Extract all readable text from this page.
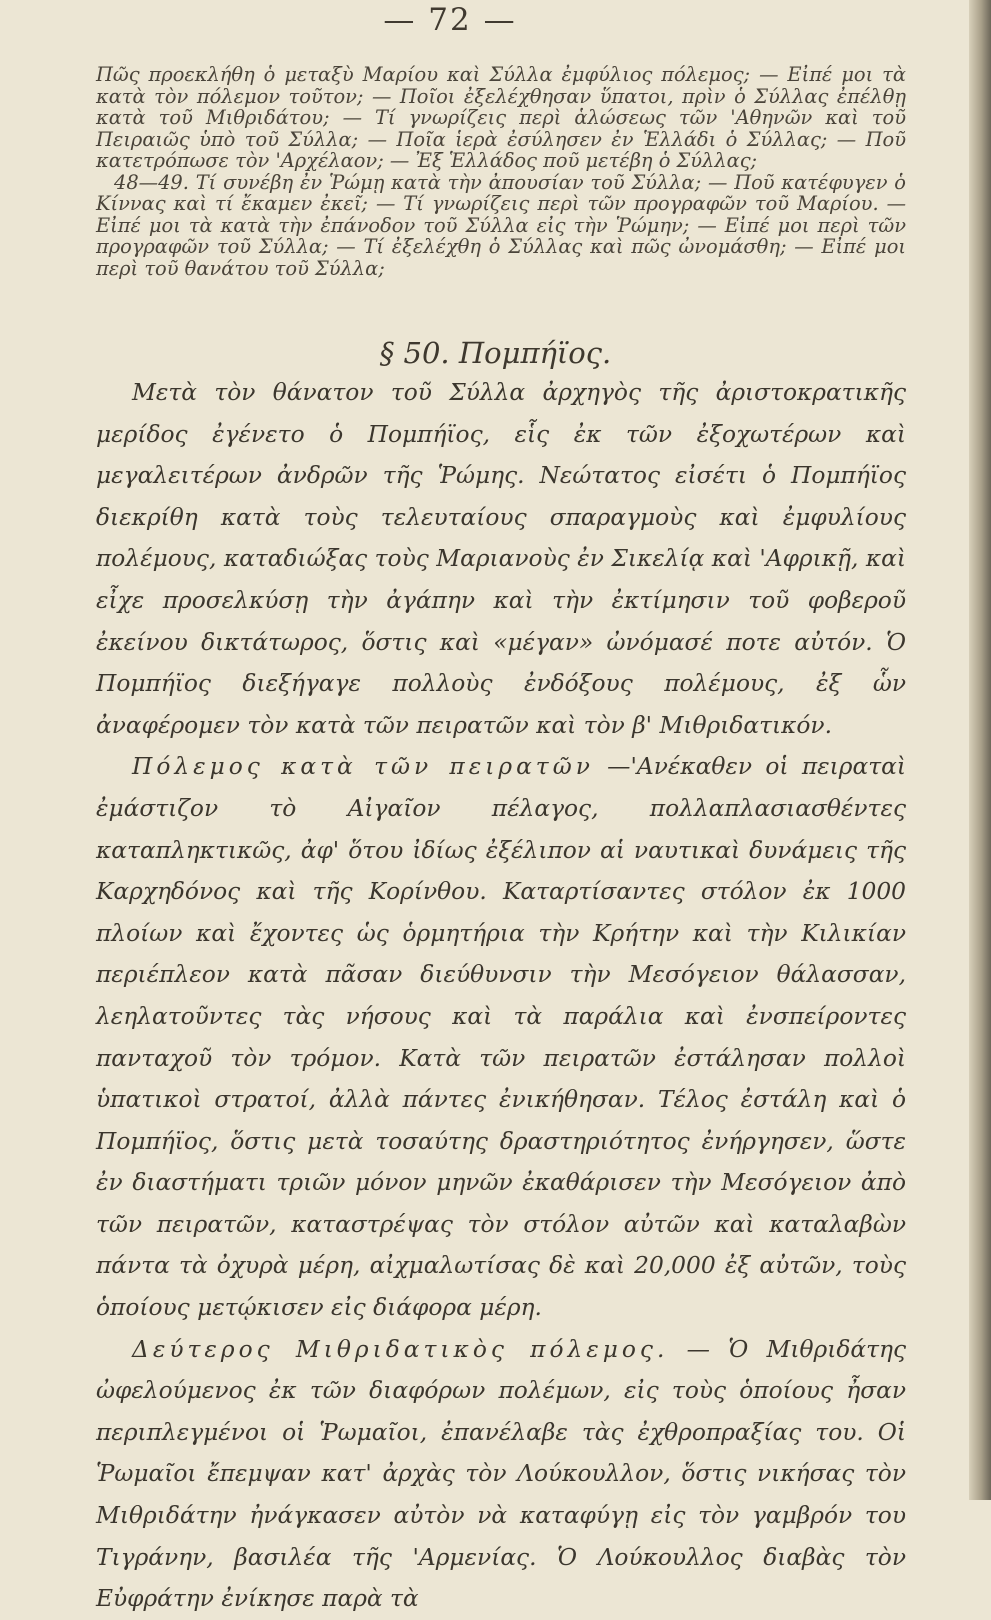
— 72 —

Πῶς προεκλήθη ὁ μεταξὺ Μαρίου καὶ Σύλλα ἐμφύλιος πόλεμος; — Εἰπέ μοι τὰ κατὰ τὸν πόλεμον τοῦτον; — Ποῖοι ἐξελέχθησαν ὕπατοι, πρὶν ὁ Σύλλας ἐπέλθῃ κατὰ τοῦ Μιθριδάτου; — Τί γνωρίζεις περὶ ἁλώσεως τῶν 'Αθηνῶν καὶ τοῦ Πειραιῶς ὑπὸ τοῦ Σύλλα; — Ποῖα ἱερὰ ἐσύλησεν ἐν Ἑλλάδι ὁ Σύλλας; — Ποῦ κατετρόπωσε τὸν 'Αρχέλαον; — Ἐξ Ἑλλάδος ποῦ μετέβη ὁ Σύλλας;

48—49. Τί συνέβη ἐν Ῥώμῃ κατὰ τὴν ἀπουσίαν τοῦ Σύλλα; — Ποῦ κατέφυγεν ὁ Κίννας καὶ τί ἔκαμεν ἐκεῖ; — Τί γνωρίζεις περὶ τῶν προγραφῶν τοῦ Μαρίου. — Εἰπέ μοι τὰ κατὰ τὴν ἐπάνοδον τοῦ Σύλλα εἰς τὴν Ῥώμην; — Εἰπέ μοι περὶ τῶν προγραφῶν τοῦ Σύλλα; — Τί ἐξελέχθη ὁ Σύλλας καὶ πῶς ὠνομάσθη; — Εἰπέ μοι περὶ τοῦ θανάτου τοῦ Σύλλα;

§ 50. Πομπήϊος.

Μετὰ τὸν θάνατον τοῦ Σύλλα ἀρχηγὸς τῆς ἀριστοκρατικῆς μερίδος ἐγένετο ὁ Πομπήϊος, εἷς ἐκ τῶν ἐξοχωτέρων καὶ μεγαλειτέρων ἀνδρῶν τῆς Ῥώμης. Νεώτατος εἰσέτι ὁ Πομπήϊος διεκρίθη κατὰ τοὺς τελευταίους σπαραγμοὺς καὶ ἐμφυλίους πολέμους, καταδιώξας τοὺς Μαριανοὺς ἐν Σικελίᾳ καὶ 'Αφρικῇ, καὶ εἶχε προσελκύσῃ τὴν ἀγάπην καὶ τὴν ἐκτίμησιν τοῦ φοβεροῦ ἐκείνου δικτάτωρος, ὅστις καὶ «μέγαν» ὠνόμασέ ποτε αὐτόν. Ὁ Πομπήϊος διεξήγαγε πολλοὺς ἐνδόξους πολέμους, ἐξ ὧν ἀναφέρομεν τὸν κατὰ τῶν πειρατῶν καὶ τὸν β' Μιθριδατικόν.

Πόλεμος κατὰ τῶν πειρατῶν —'Ανέκαθεν οἱ πειραταὶ ἐμάστιζον τὸ Αἰγαῖον πέλαγος, πολλαπλασιασθέντες καταπληκτικῶς, ἀφ' ὅτου ἰδίως ἐξέλιπον αἱ ναυτικαὶ δυνάμεις τῆς Καρχηδόνος καὶ τῆς Κορίνθου. Καταρτίσαντες στόλον ἐκ 1000 πλοίων καὶ ἔχοντες ὡς ὁρμητήρια τὴν Κρήτην καὶ τὴν Κιλικίαν περιέπλεον κατὰ πᾶσαν διεύθυνσιν τὴν Μεσόγειον θάλασσαν, λεηλατοῦντες τὰς νήσους καὶ τὰ παράλια καὶ ἐνσπείροντες πανταχοῦ τὸν τρόμον. Κατὰ τῶν πειρατῶν ἐστάλησαν πολλοὶ ὑπατικοὶ στρατοί, ἀλλὰ πάντες ἐνικήθησαν. Τέλος ἐστάλη καὶ ὁ Πομπήϊος, ὅστις μετὰ τοσαύτης δραστηριότητος ἐνήργησεν, ὥστε ἐν διαστήματι τριῶν μόνον μηνῶν ἐκαθάρισεν τὴν Μεσόγειον ἀπὸ τῶν πειρατῶν, καταστρέψας τὸν στόλον αὐτῶν καὶ καταλαβὼν πάντα τὰ ὀχυρὰ μέρη, αἰχμαλωτίσας δὲ καὶ 20,000 ἐξ αὐτῶν, τοὺς ὁποίους μετῴκισεν εἰς διάφορα μέρη.

Δεύτερος Μιθριδατικὸς πόλεμος. — Ὁ Μιθριδάτης ὠφελούμενος ἐκ τῶν διαφόρων πολέμων, εἰς τοὺς ὁποίους ἦσαν περιπλεγμένοι οἱ Ῥωμαῖοι, ἐπανέλαβε τὰς ἐχθροπραξίας του. Οἱ Ῥωμαῖοι ἔπεμψαν κατ' ἀρχὰς τὸν Λούκουλλον, ὅστις νικήσας τὸν Μιθριδάτην ἠνάγκασεν αὐτὸν νὰ καταφύγῃ εἰς τὸν γαμβρόν του Τιγράνην, βασιλέα τῆς 'Αρμενίας. Ὁ Λούκουλλος διαβὰς τὸν Εὐφράτην ἐνίκησε παρὰ τὰ
